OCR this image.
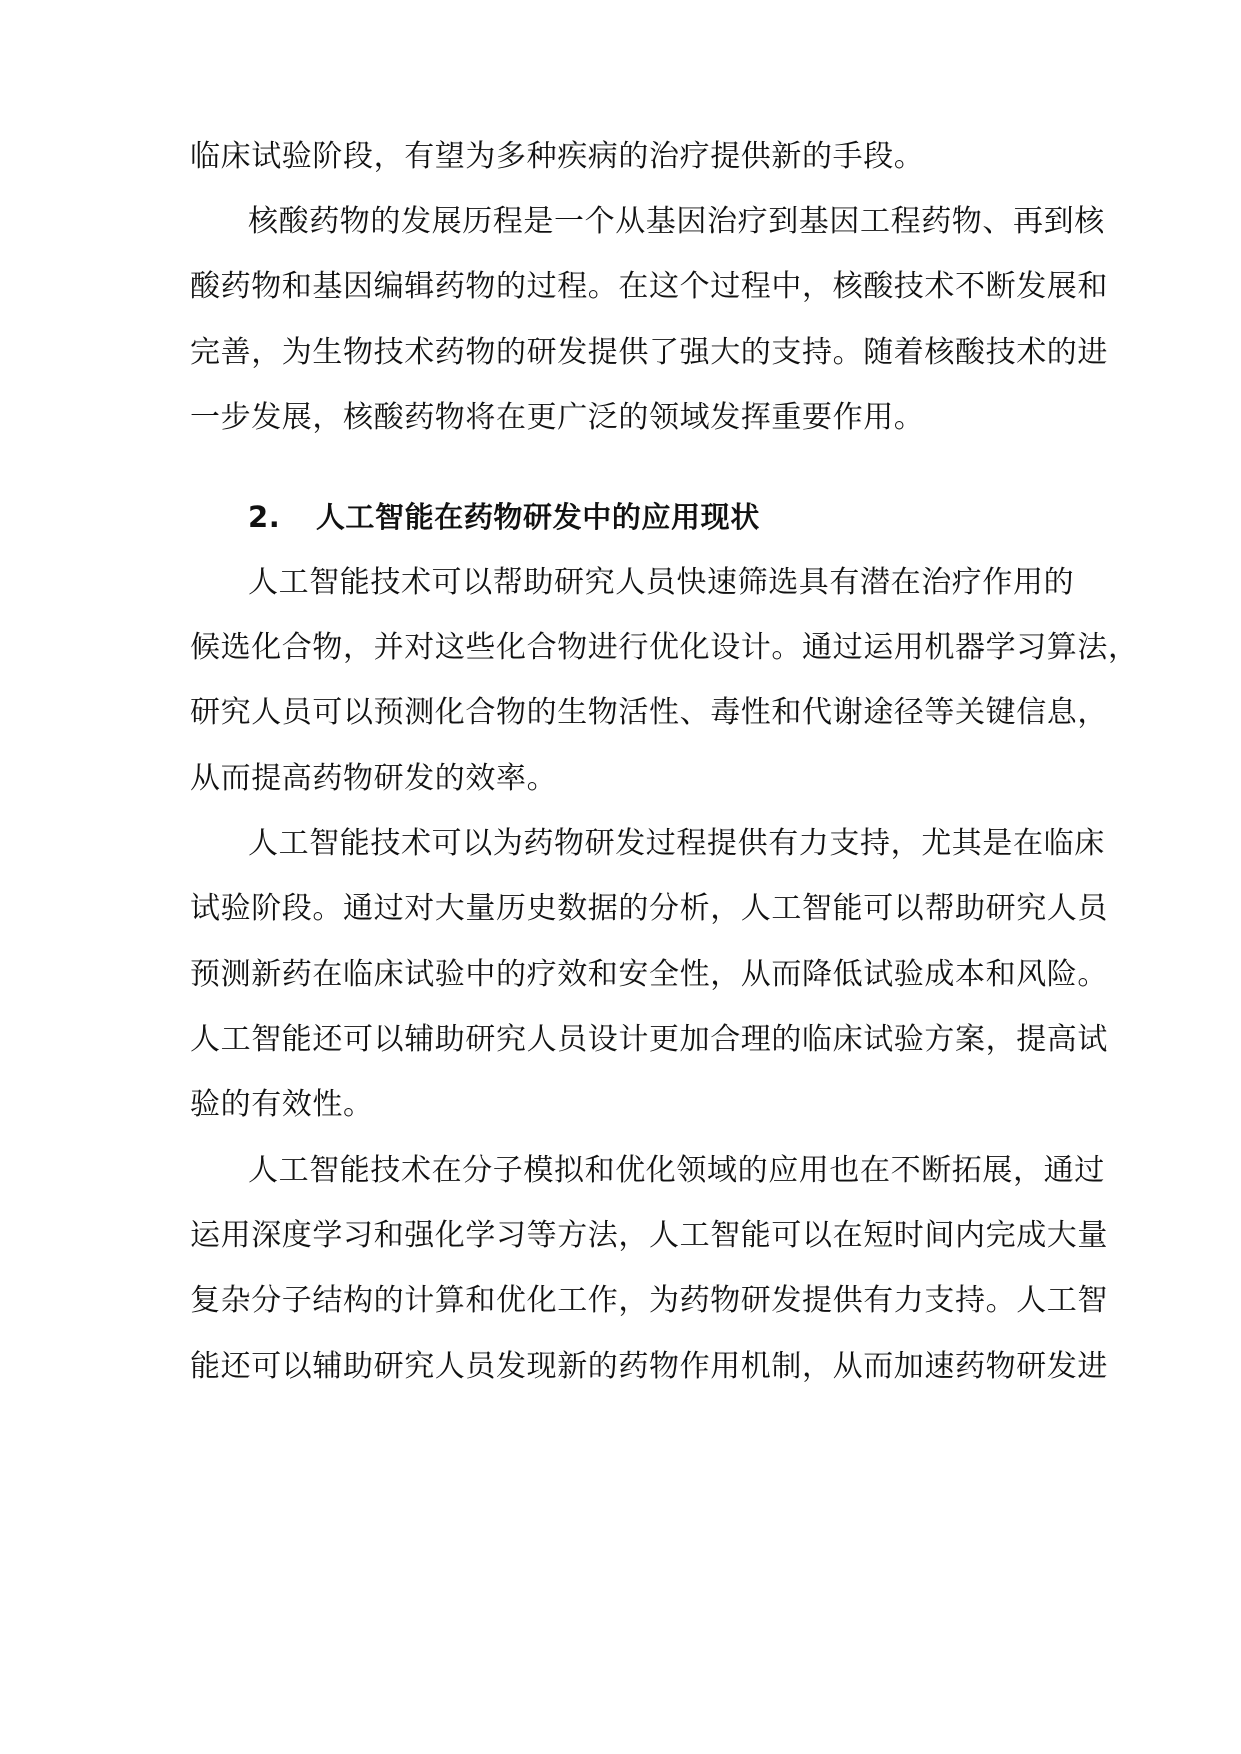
临床试验阶段，有望为多种疾病的治疗提供新的手段。
核酸药物的发展历程是一个从基因治疗到基因工程药物、再到核
酸药物和基因编辑药物的过程。在这个过程中，核酸技术不断发展和
完善，为生物技术药物的研发提供了强大的支持。随着核酸技术的进
一步发展，核酸药物将在更广泛的领域发挥重要作用。
2. 人工智能在药物研发中的应用现状
人工智能技术可以帮助研究人员快速筛选具有潜在治疗作用的
候选化合物，并对这些化合物进行优化设计。通过运用机器学习算法，
研究人员可以预测化合物的生物活性、毒性和代谢途径等关键信息，
从而提高药物研发的效率。
人工智能技术可以为药物研发过程提供有力支持，尤其是在临床
试验阶段。通过对大量历史数据的分析，人工智能可以帮助研究人员
预测新药在临床试验中的疗效和安全性，从而降低试验成本和风险。
人工智能还可以辅助研究人员设计更加合理的临床试验方案，提高试
验的有效性。
人工智能技术在分子模拟和优化领域的应用也在不断拓展，通过
运用深度学习和强化学习等方法，人工智能可以在短时间内完成大量
复杂分子结构的计算和优化工作，为药物研发提供有力支持。人工智
能还可以辅助研究人员发现新的药物作用机制，从而加速药物研发进
